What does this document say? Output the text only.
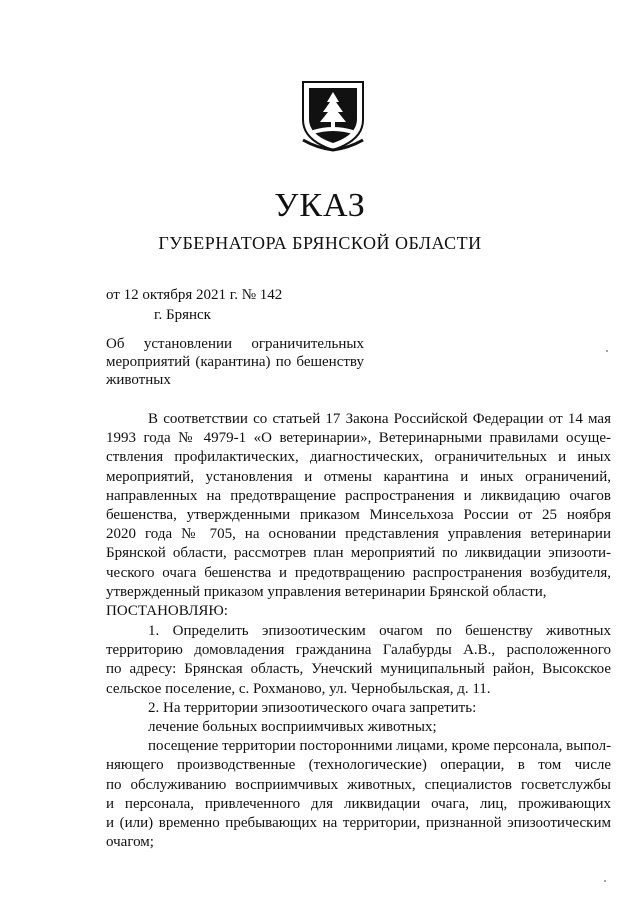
УКАЗ
ГУБЕРНАТОРА БРЯНСКОЙ ОБЛАСТИ
от 12 октября 2021 г. № 142
г. Брянск
Об установлении ограничительных
мероприятий (карантина) по бешенству
животных
В соответствии со статьей 17 Закона Российской Федерации от 14 мая
1993 года № 4979-1 «О ветеринарии», Ветеринарными правилами осуще-
ствления профилактических, диагностических, ограничительных и иных
мероприятий, установления и отмены карантина и иных ограничений,
направленных на предотвращение распространения и ликвидацию очагов
бешенства, утвержденными приказом Минсельхоза России от 25 ноября
2020 года № 705, на основании представления управления ветеринарии
Брянской области, рассмотрев план мероприятий по ликвидации эпизооти-
ческого очага бешенства и предотвращению распространения возбудителя,
утвержденный приказом управления ветеринарии Брянской области,
ПОСТАНОВЛЯЮ:
1. Определить эпизоотическим очагом по бешенству животных
территорию домовладения гражданина Галабурды А.В., расположенного
по адресу: Брянская область, Унечский муниципальный район, Высокское
сельское поселение, с. Рохманово, ул. Чернобыльская, д. 11.
2. На территории эпизоотического очага запретить:
лечение больных восприимчивых животных;
посещение территории посторонними лицами, кроме персонала, выпол-
няющего производственные (технологические) операции, в том числе
по обслуживанию восприимчивых животных, специалистов госветслужбы
и персонала, привлеченного для ликвидации очага, лиц, проживающих
и (или) временно пребывающих на территории, признанной эпизоотическим
очагом;
